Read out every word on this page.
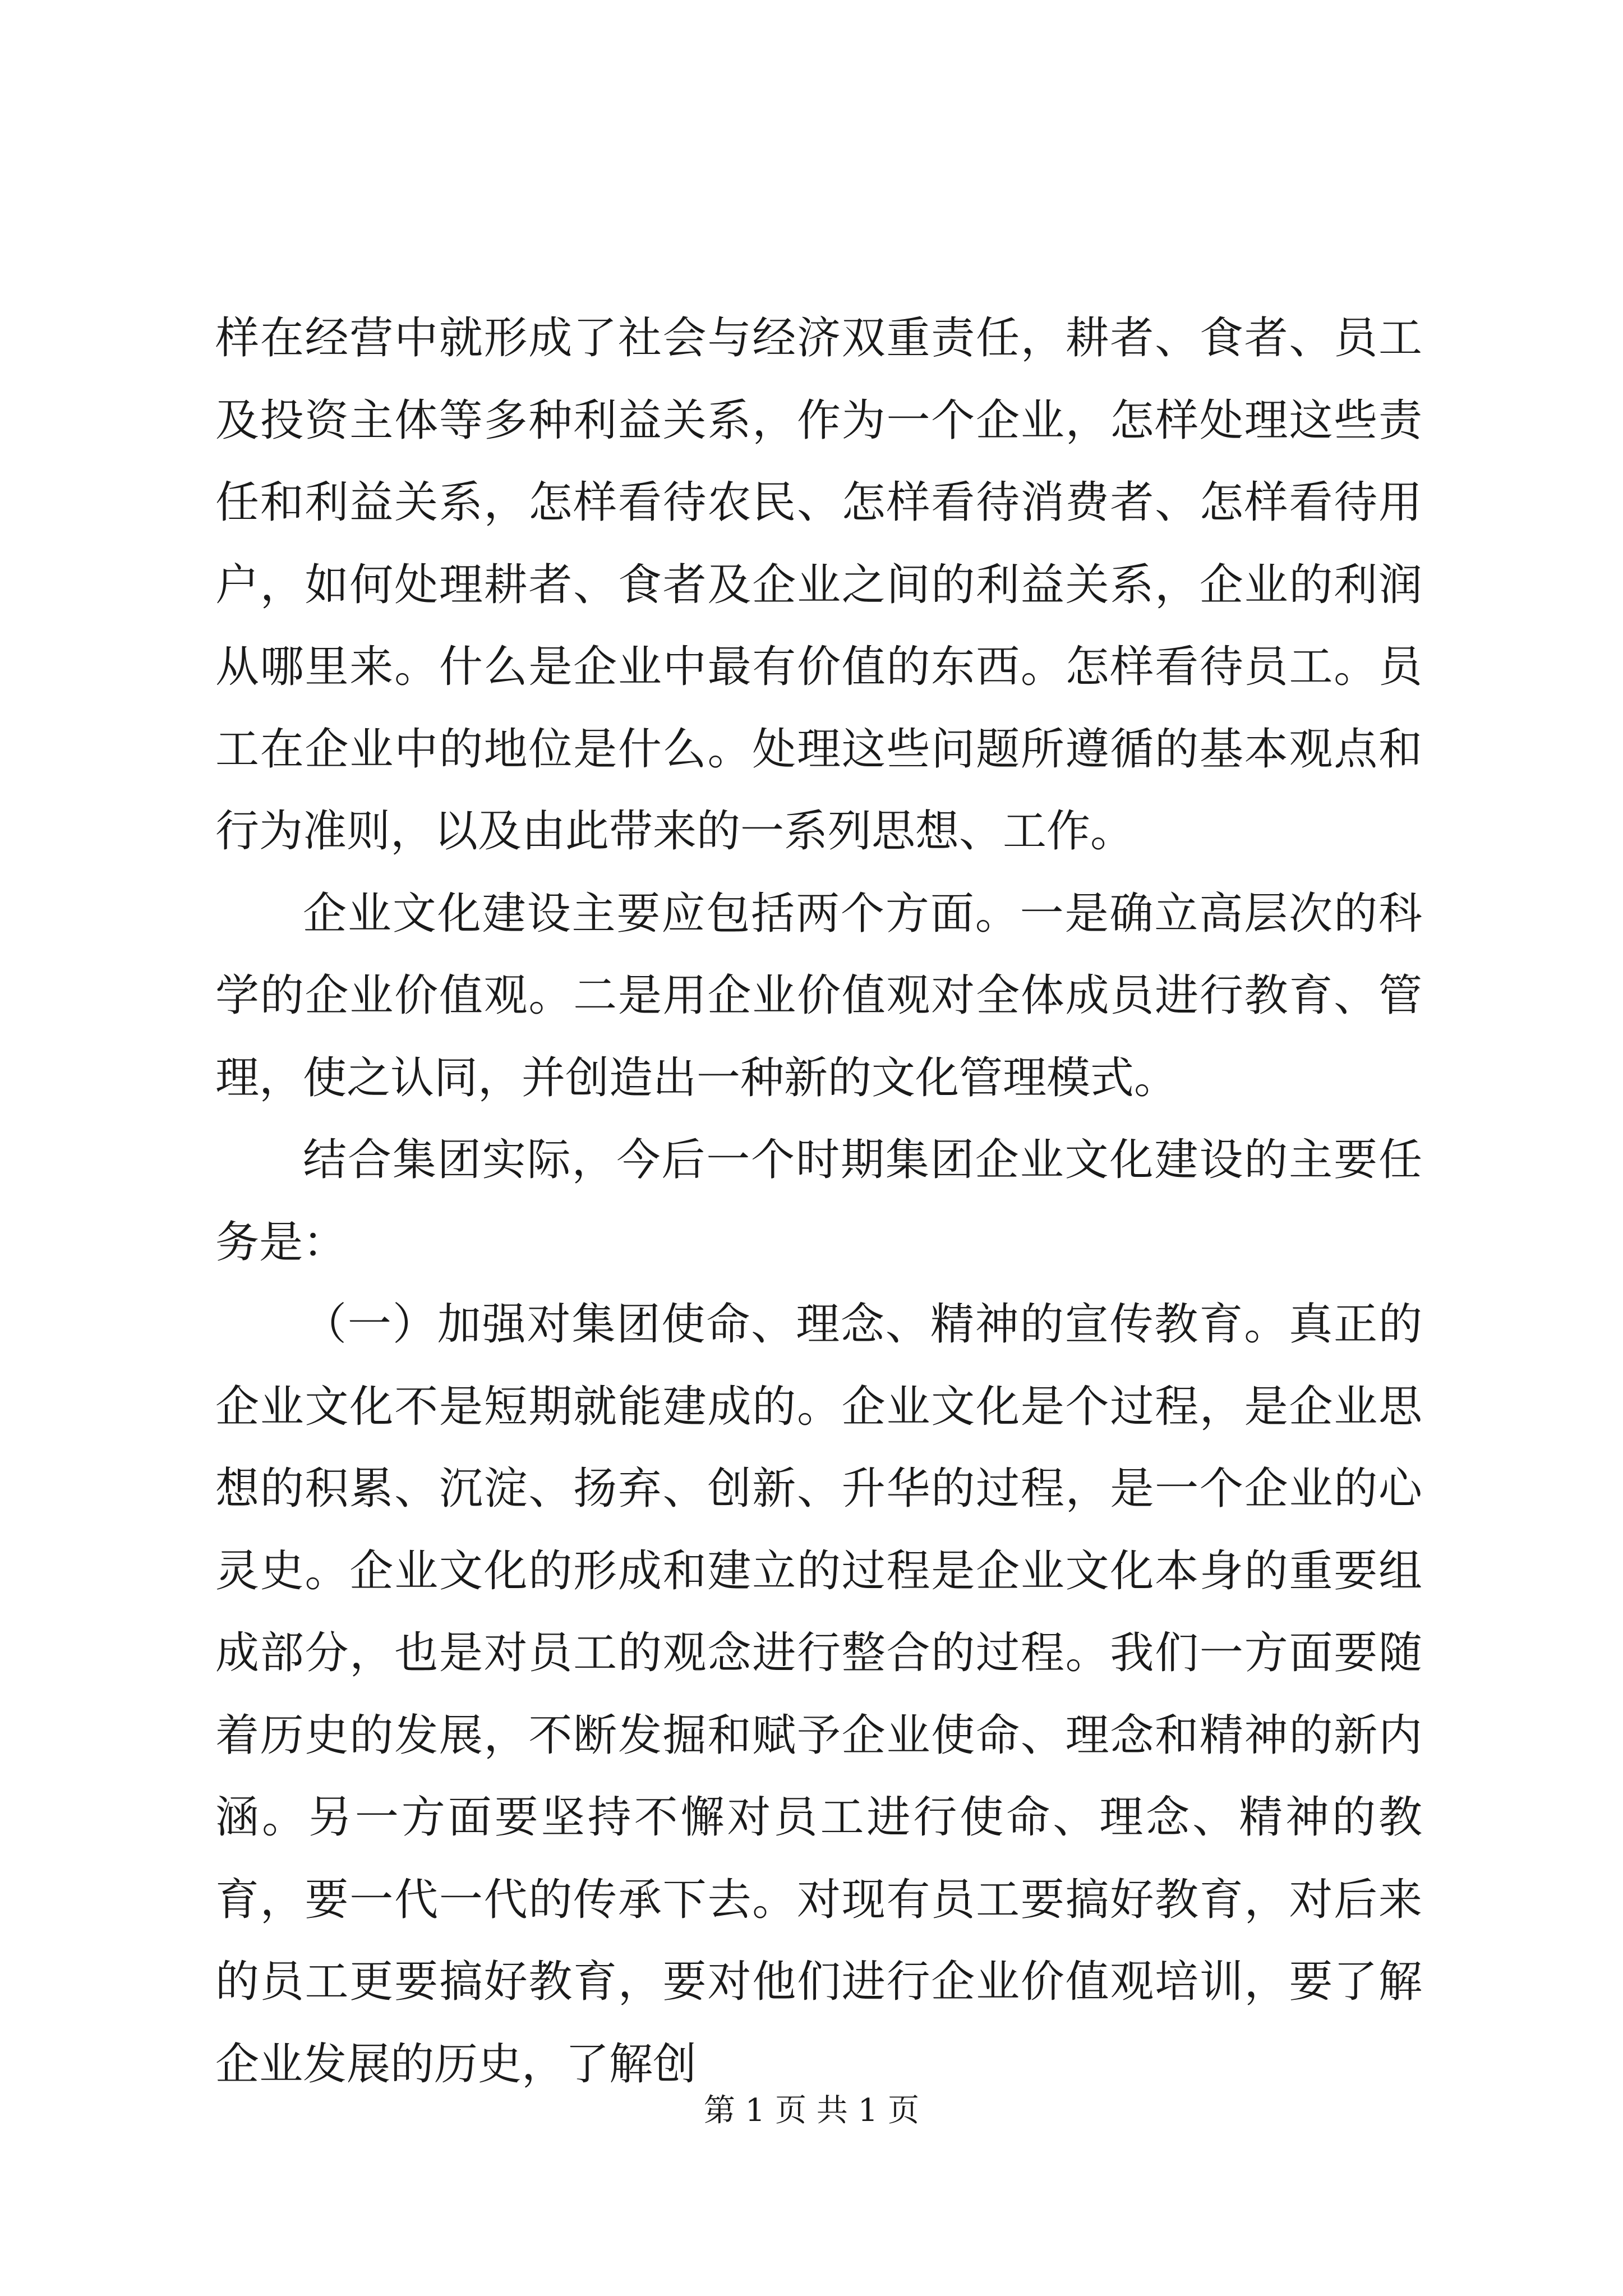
样在经营中就形成了社会与经济双重责任，耕者、食者、员工及投资主体等多种利益关系，作为一个企业，怎样处理这些责任和利益关系，怎样看待农民、怎样看待消费者、怎样看待用户，如何处理耕者、食者及企业之间的利益关系，企业的利润从哪里来。什么是企业中最有价值的东西。怎样看待员工。员工在企业中的地位是什么。处理这些问题所遵循的基本观点和行为准则，以及由此带来的一系列思想、工作。

企业文化建设主要应包括两个方面。一是确立高层次的科学的企业价值观。二是用企业价值观对全体成员进行教育、管理，使之认同，并创造出一种新的文化管理模式。

结合集团实际，今后一个时期集团企业文化建设的主要任务是：

（一）加强对集团使命、理念、精神的宣传教育。真正的企业文化不是短期就能建成的。企业文化是个过程，是企业思想的积累、沉淀、扬弃、创新、升华的过程，是一个企业的心灵史。企业文化的形成和建立的过程是企业文化本身的重要组成部分，也是对员工的观念进行整合的过程。我们一方面要随着历史的发展，不断发掘和赋予企业使命、理念和精神的新内涵。另一方面要坚持不懈对员工进行使命、理念、精神的教育，要一代一代的传承下去。对现有员工要搞好教育，对后来的员工更要搞好教育，要对他们进行企业价值观培训，要了解企业发展的历史，了解创

第 1 页 共 1 页
